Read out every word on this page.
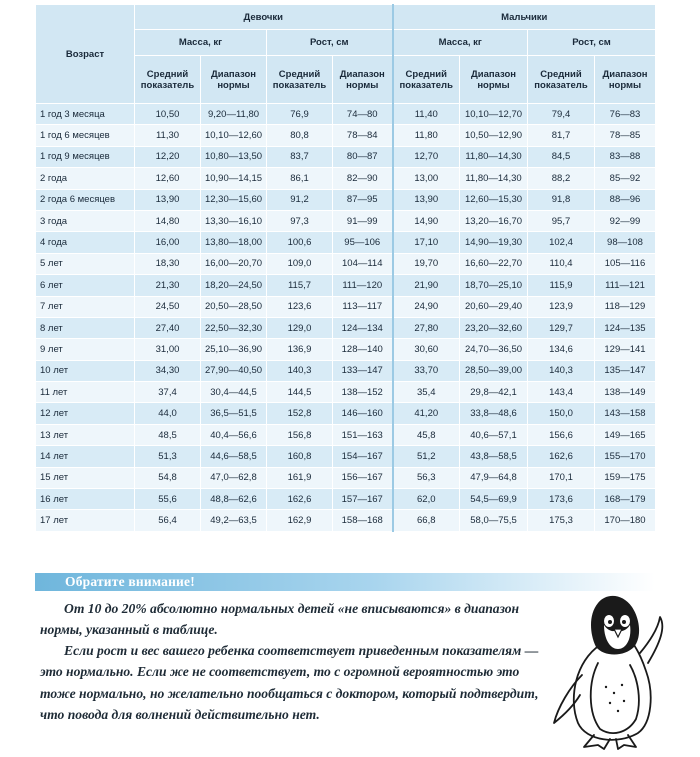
Возраст	Девочки				Мальчики			
	Масса, кг		Рост, см		Масса, кг		Рост, см	
	Средний показатель	Диапазон нормы	Средний показатель	Диапазон нормы	Средний показатель	Диапазон нормы	Средний показатель	Диапазон нормы
1 год 3 месяца	10,50	9,20—11,80	76,9	74—80	11,40	10,10—12,70	79,4	76—83
1 год 6 месяцев	11,30	10,10—12,60	80,8	78—84	11,80	10,50—12,90	81,7	78—85
1 год 9 месяцев	12,20	10,80—13,50	83,7	80—87	12,70	11,80—14,30	84,5	83—88
2 года	12,60	10,90—14,15	86,1	82—90	13,00	11,80—14,30	88,2	85—92
2 года 6 месяцев	13,90	12,30—15,60	91,2	87—95	13,90	12,60—15,30	91,8	88—96
3 года	14,80	13,30—16,10	97,3	91—99	14,90	13,20—16,70	95,7	92—99
4 года	16,00	13,80—18,00	100,6	95—106	17,10	14,90—19,30	102,4	98—108
5 лет	18,30	16,00—20,70	109,0	104—114	19,70	16,60—22,70	110,4	105—116
6 лет	21,30	18,20—24,50	115,7	111—120	21,90	18,70—25,10	115,9	111—121
7 лет	24,50	20,50—28,50	123,6	113—117	24,90	20,60—29,40	123,9	118—129
8 лет	27,40	22,50—32,30	129,0	124—134	27,80	23,20—32,60	129,7	124—135
9 лет	31,00	25,10—36,90	136,9	128—140	30,60	24,70—36,50	134,6	129—141
10 лет	34,30	27,90—40,50	140,3	133—147	33,70	28,50—39,00	140,3	135—147
11 лет	37,4	30,4—44,5	144,5	138—152	35,4	29,8—42,1	143,4	138—149
12 лет	44,0	36,5—51,5	152,8	146—160	41,20	33,8—48,6	150,0	143—158
13 лет	48,5	40,4—56,6	156,8	151—163	45,8	40,6—57,1	156,6	149—165
14 лет	51,3	44,6—58,5	160,8	154—167	51,2	43,8—58,5	162,6	155—170
15 лет	54,8	47,0—62,8	161,9	156—167	56,3	47,9—64,8	170,1	159—175
16 лет	55,6	48,8—62,6	162,6	157—167	62,0	54,5—69,9	173,6	168—179
17 лет	56,4	49,2—63,5	162,9	158—168	66,8	58,0—75,5	175,3	170—180
Обратите внимание!

От 10 до 20% абсолютно нормальных детей «не вписываются» в диапазон нормы, указанный в таблице.

Если рост и вес вашего ребенка соответствует приведенным показателям — это нормально. Если же не соответствует, то с огромной вероятностью это тоже нормально, но желательно пообщаться с доктором, который подтвердит, что повода для волнений действительно нет.
